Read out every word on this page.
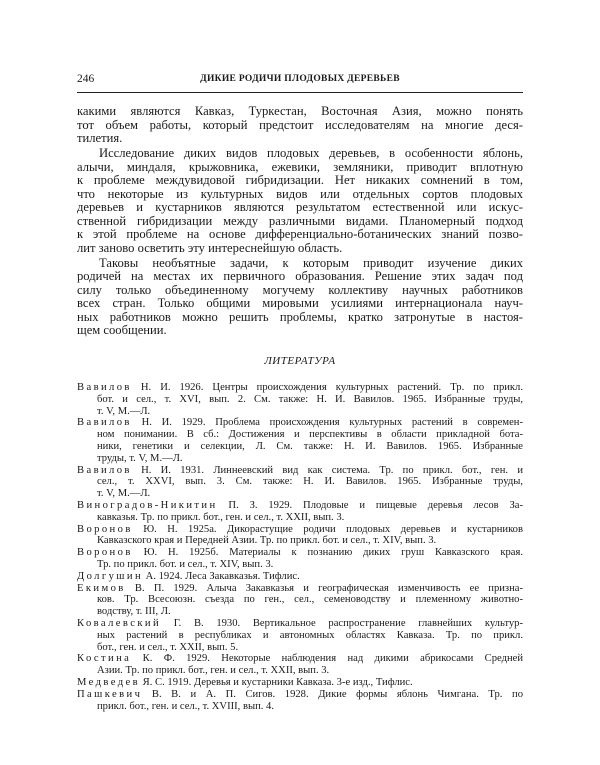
246	ДИКИЕ РОДИЧИ ПЛОДОВЫХ ДЕРЕВЬЕВ
какими являются Кавказ, Туркестан, Восточная Азия, можно понять
тот объем работы, который предстоит исследователям на многие деся-
тилетия.
Исследование диких видов плодовых деревьев, в особенности яблонь,
алычи, миндаля, крыжовника, ежевики, земляники, приводит вплотную
к проблеме междувидовой гибридизации. Нет никаких сомнений в том,
что некоторые из культурных видов или отдельных сортов плодовых
деревьев и кустарников являются результатом естественной или искус-
ственной гибридизации между различными видами. Планомерный подход
к этой проблеме на основе дифференциально-ботанических знаний позво-
лит заново осветить эту интереснейшую область.
Таковы необъятные задачи, к которым приводит изучение диких
родичей на местах их первичного образования. Решение этих задач под
силу только объединенному могучему коллективу научных работников
всех стран. Только общими мировыми усилиями интернационала науч-
ных работников можно решить проблемы, кратко затронутые в настоя-
щем сообщении.
ЛИТЕРАТУРА
Вавилов Н. И. 1926. Центры происхождения культурных растений. Тр. по прикл.
бот. и сел., т. XVI, вып. 2. См. также: Н. И. Вавилов. 1965. Избранные труды,
т. V, М.—Л.
Вавилов Н. И. 1929. Проблема происхождения культурных растений в современ-
ном понимании. В сб.: Достижения и перспективы в области прикладной бота-
ники, генетики и селекции, Л. См. также: Н. И. Вавилов. 1965. Избранные
труды, т. V, М.—Л.
Вавилов Н. И. 1931. Линнеевский вид как система. Тр. по прикл. бот., ген. и
сел., т. XXVI, вып. 3. См. также: Н. И. Вавилов. 1965. Избранные труды,
т. V, М.—Л.
Виноградов-Никитин П. З. 1929. Плодовые и пищевые деревья лесов За-
кавказья. Тр. по прикл. бот., ген. и сел., т. XXII, вып. 3.
Воронов Ю. Н. 1925а. Дикорастущие родичи плодовых деревьев и кустарников
Кавказского края и Передней Азии. Тр. по прикл. бот. и сел., т. XIV, вып. 3.
Воронов Ю. Н. 1925б. Материалы к познанию диких груш Кавказского края.
Тр. по прикл. бот. и сел., т. XIV, вып. 3.
Долгушин А. 1924. Леса Закавказья. Тифлис.
Екимов В. П. 1929. Алыча Закавказья и географическая изменчивость ее призна-
ков. Тр. Всесоюзн. съезда по ген., сел., семеноводству и племенному животно-
водству, т. III, Л.
Ковалевский Г. В. 1930. Вертикальное распространение главнейших культур-
ных растений в республиках и автономных областях Кавказа. Тр. по прикл.
бот., ген. и сел., т. XXII, вып. 5.
Костина К. Ф. 1929. Некоторые наблюдения над дикими абрикосами Средней
Азии. Тр. по прикл. бот., ген. и сел., т. XXII, вып. 3.
Медведев Я. С. 1919. Деревья и кустарники Кавказа. 3-е изд., Тифлис.
Пашкевич В. В. и А. П. Сигов. 1928. Дикие формы яблонь Чимгана. Тр. по
прикл. бот., ген. и сел., т. XVIII, вып. 4.
